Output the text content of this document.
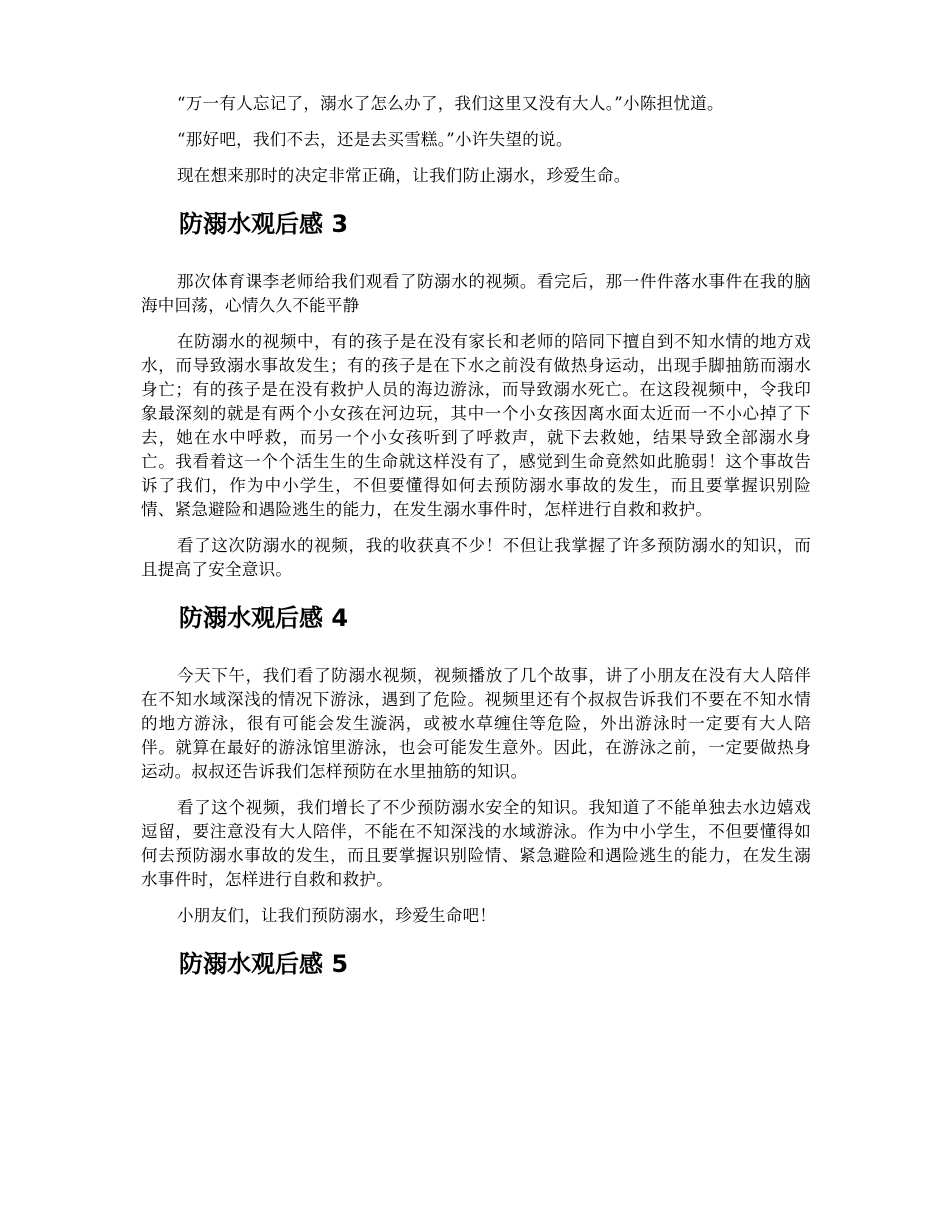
“万一有人忘记了，溺水了怎么办了，我们这里又没有大人。”小陈担忧道。

“那好吧，我们不去，还是去买雪糕。”小许失望的说。

现在想来那时的决定非常正确，让我们防止溺水，珍爱生命。

防溺水观后感 3

那次体育课李老师给我们观看了防溺水的视频。看完后，那一件件落水事件在我的脑海中回荡，心情久久不能平静

在防溺水的视频中，有的孩子是在没有家长和老师的陪同下擅自到不知水情的地方戏水，而导致溺水事故发生；有的孩子是在下水之前没有做热身运动，出现手脚抽筋而溺水身亡；有的孩子是在没有救护人员的海边游泳，而导致溺水死亡。在这段视频中，令我印象最深刻的就是有两个小女孩在河边玩，其中一个小女孩因离水面太近而一不小心掉了下去，她在水中呼救，而另一个小女孩听到了呼救声，就下去救她，结果导致全部溺水身亡。我看着这一个个活生生的生命就这样没有了，感觉到生命竟然如此脆弱！这个事故告诉了我们，作为中小学生，不但要懂得如何去预防溺水事故的发生，而且要掌握识别险情、紧急避险和遇险逃生的能力，在发生溺水事件时，怎样进行自救和救护。

看了这次防溺水的视频，我的收获真不少！不但让我掌握了许多预防溺水的知识，而且提高了安全意识。

防溺水观后感 4

今天下午，我们看了防溺水视频，视频播放了几个故事，讲了小朋友在没有大人陪伴在不知水域深浅的情况下游泳，遇到了危险。视频里还有个叔叔告诉我们不要在不知水情的地方游泳，很有可能会发生漩涡，或被水草缠住等危险，外出游泳时一定要有大人陪伴。就算在最好的游泳馆里游泳，也会可能发生意外。因此，在游泳之前，一定要做热身运动。叔叔还告诉我们怎样预防在水里抽筋的知识。

看了这个视频，我们增长了不少预防溺水安全的知识。我知道了不能单独去水边嬉戏逗留，要注意没有大人陪伴，不能在不知深浅的水域游泳。作为中小学生，不但要懂得如何去预防溺水事故的发生，而且要掌握识别险情、紧急避险和遇险逃生的能力，在发生溺水事件时，怎样进行自救和救护。

小朋友们，让我们预防溺水，珍爱生命吧！

防溺水观后感 5
